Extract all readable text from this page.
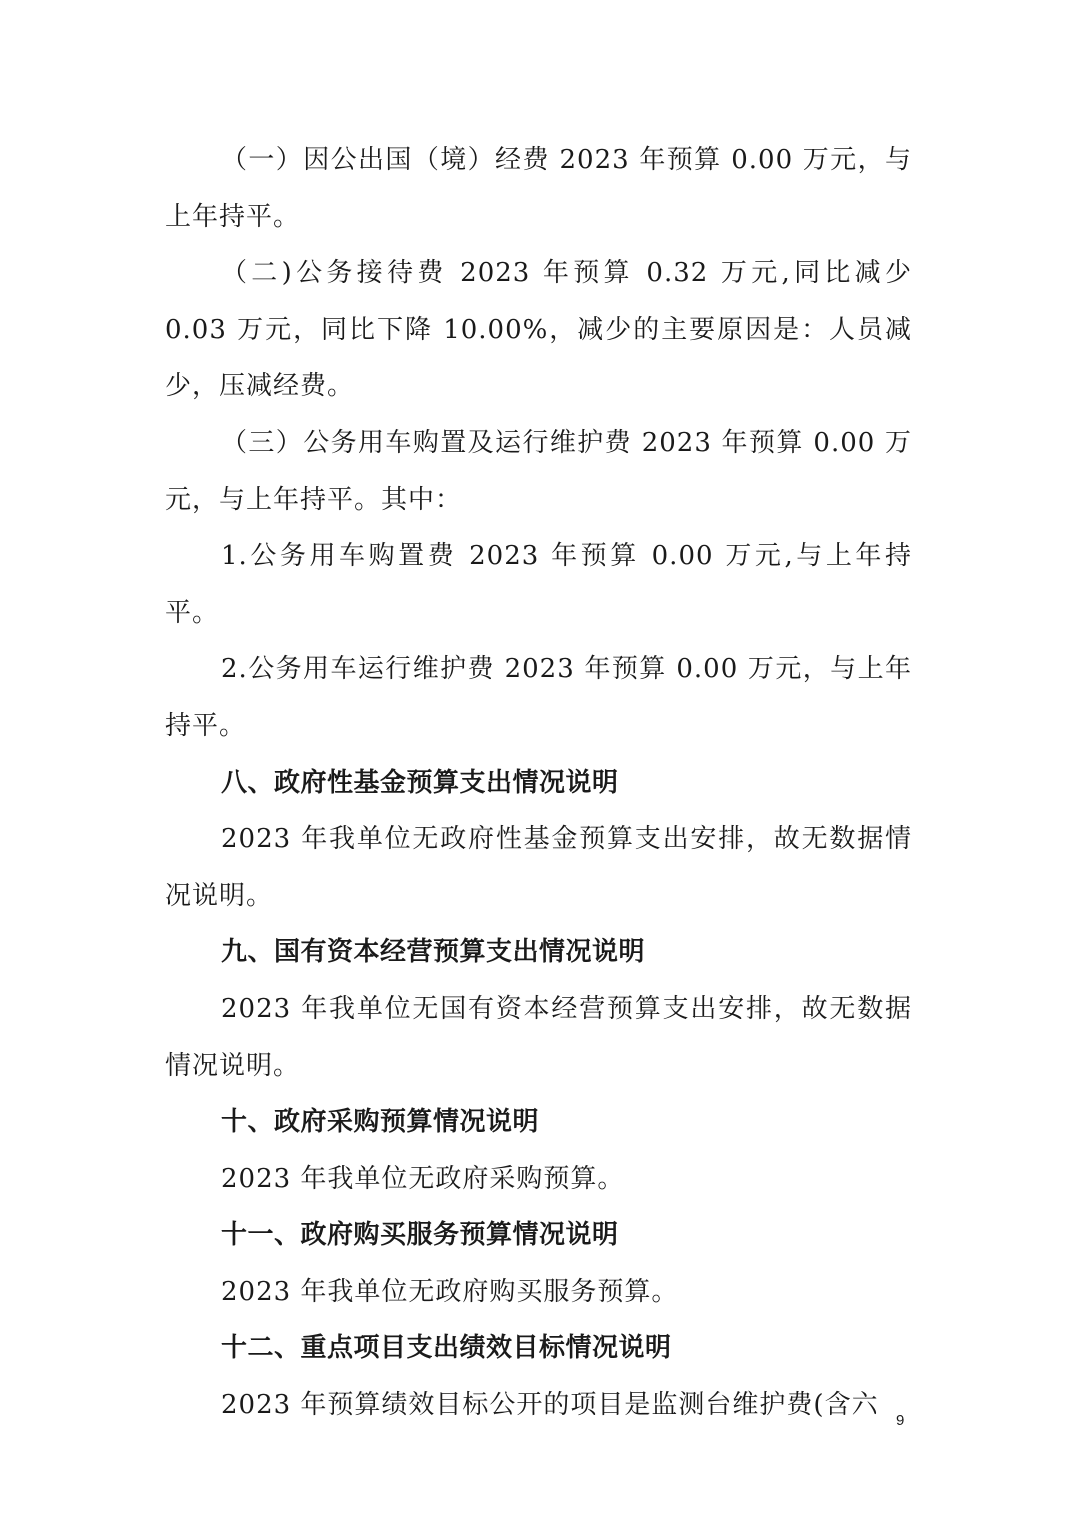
（一）因公出国（境）经费 2023 年预算 0.00 万元，与上年持平。

（二)公务接待费 2023 年预算 0.32 万元,同比减少 0.03 万元，同比下降 10.00%，减少的主要原因是：人员减少，压减经费。

（三）公务用车购置及运行维护费 2023 年预算 0.00 万元，与上年持平。其中：

1.公务用车购置费 2023 年预算 0.00 万元,与上年持平。

2.公务用车运行维护费 2023 年预算 0.00 万元，与上年持平。

八、政府性基金预算支出情况说明

2023 年我单位无政府性基金预算支出安排，故无数据情况说明。

九、国有资本经营预算支出情况说明

2023 年我单位无国有资本经营预算支出安排，故无数据情况说明。

十、政府采购预算情况说明

2023 年我单位无政府采购预算。

十一、政府购买服务预算情况说明

2023 年我单位无政府购买服务预算。

十二、重点项目支出绩效目标情况说明

2023 年预算绩效目标公开的项目是监测台维护费(含六

9
